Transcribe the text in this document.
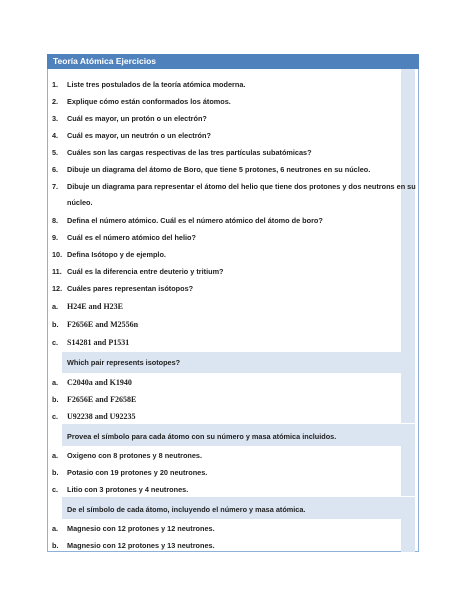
Teoría Atómica Ejercicios
1. Liste tres postulados de la teoría atómica moderna.
2. Explique cómo están conformados los átomos.
3. Cuál es mayor, un protón o un electrón?
4. Cuál es mayor, un neutrón o un electrón?
5. Cuáles son las cargas respectivas de las tres partículas subatómicas?
6. Dibuje un diagrama del átomo de Boro, que tiene 5 protones, 6 neutrones en su núcleo.
7. Dibuje un diagrama para representar el átomo del helio que tiene dos protones y dos neutrons en su
núcleo.
8. Defina el número atómico. Cuál es el número atómico del átomo de boro?
9. Cuál es el número atómico del helio?
10. Defina Isótopo y de ejemplo.
11. Cuál es la diferencia entre deuterio y tritium?
12. Cuáles pares representan isótopos?
a. H24E and H23E
b. F2656E and M2556n
c. S14281 and P1531
Which pair represents isotopes?
a. C2040a and K1940
b. F2656E and F2658E
c. U92238 and U92235
Provea el símbolo para cada átomo con su número y masa atómica incluidos.
a. Oxigeno con 8 protones y 8 neutrones.
b. Potasio con 19 protones y 20 neutrones.
c. Litio con 3 protones y 4 neutrones.
De el símbolo de cada átomo, incluyendo el número y masa atómica.
a. Magnesio con 12 protones y 12 neutrones.
b. Magnesio con 12 protones y 13 neutrones.
